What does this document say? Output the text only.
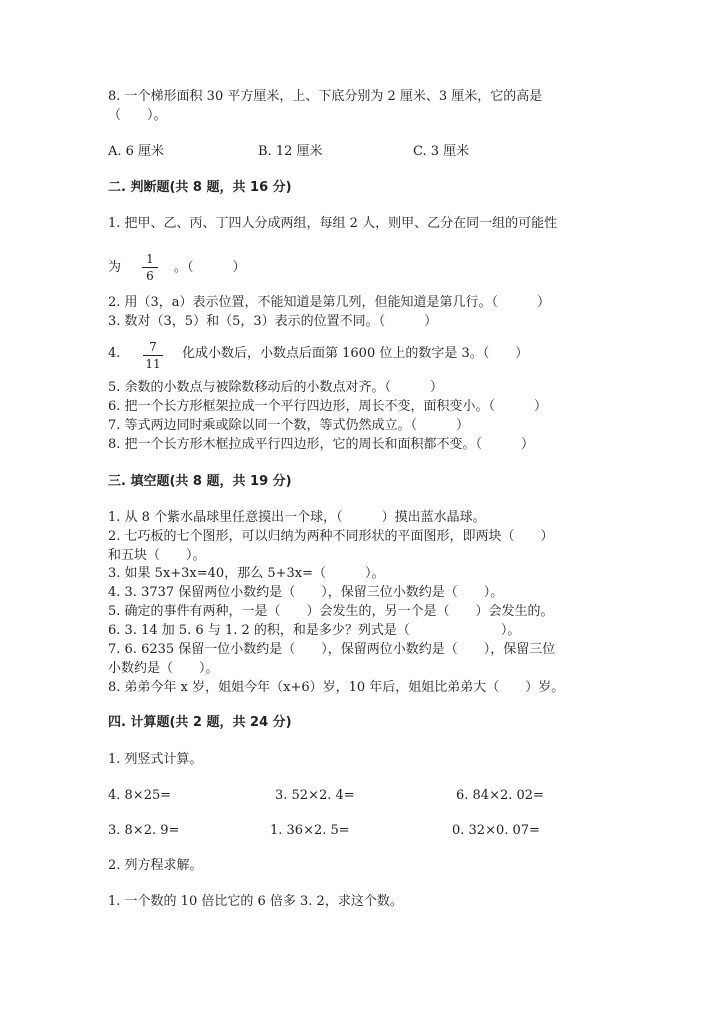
8. 一个梯形面积 30 平方厘米，上、下底分别为 2 厘米、3 厘米，它的高是
（　　）。
A. 6 厘米	B. 12 厘米	C. 3 厘米
二. 判断题(共 8 题，共 16 分)
1. 把甲、乙、丙、丁四人分成两组，每组 2 人，则甲、乙分在同一组的可能性
为
1
6
。（　　　）
2. 用（3，a）表示位置，不能知道是第几列，但能知道是第几行。（　　　）
3. 数对（3，5）和（5，3）表示的位置不同。（　　　）
4.	7
11
化成小数后，小数点后面第 1600 位上的数字是 3。（　　）
5. 余数的小数点与被除数移动后的小数点对齐。（　　　）
6. 把一个长方形框架拉成一个平行四边形，周长不变，面积变小。（　　　）
7. 等式两边同时乘或除以同一个数，等式仍然成立。（　　　）
8. 把一个长方形木框拉成平行四边形，它的周长和面积都不变。（　　　）
三. 填空题(共 8 题，共 19 分)
1. 从 8 个紫水晶球里任意摸出一个球，（　　　）摸出蓝水晶球。
2. 七巧板的七个图形，可以归纳为两种不同形状的平面图形，即两块（　　）
和五块（　　）。
3. 如果 5x+3x=40，那么 5+3x=（　　　）。
4. 3. 3737 保留两位小数约是（　　），保留三位小数约是（　　）。
5. 确定的事件有两种，一是（　　）会发生的，另一个是（　　）会发生的。
6. 3. 14 加 5. 6 与 1. 2 的积，和是多少？列式是（　　　　　　　）。
7. 6. 6235 保留一位小数约是（　　），保留两位小数约是（　　），保留三位
小数约是（　　）。
8. 弟弟今年 x 岁，姐姐今年（x+6）岁，10 年后，姐姐比弟弟大（　　）岁。
四. 计算题(共 2 题，共 24 分)
1. 列竖式计算。
4. 8×25=	3. 52×2. 4=	6. 84×2. 02=
3. 8×2. 9=	1. 36×2. 5=	0. 32×0. 07=
2. 列方程求解。
1. 一个数的 10 倍比它的 6 倍多 3. 2，求这个数。
